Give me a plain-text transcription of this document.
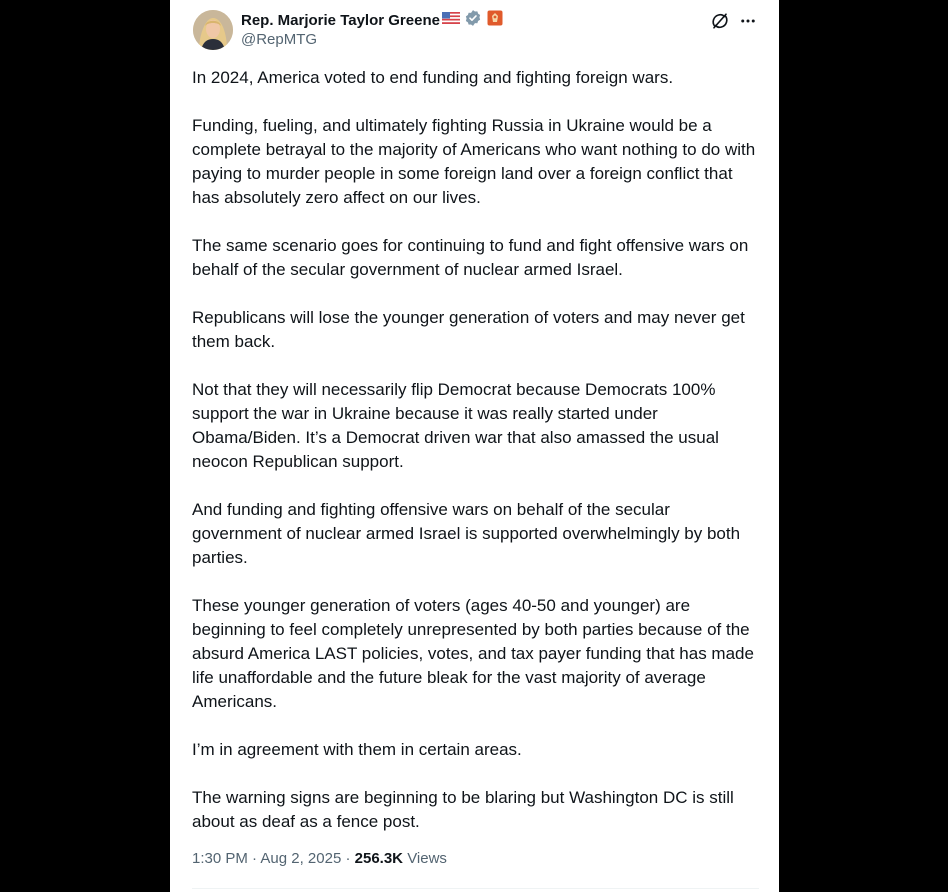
Rep. Marjorie Taylor Greene
@RepMTG

In 2024, America voted to end funding and fighting foreign wars.

Funding, fueling, and ultimately fighting Russia in Ukraine would be a complete betrayal to the majority of Americans who want nothing to do with paying to murder people in some foreign land over a foreign conflict that has absolutely zero affect on our lives.

The same scenario goes for continuing to fund and fight offensive wars on behalf of the secular government of nuclear armed Israel.

Republicans will lose the younger generation of voters and may never get them back.

Not that they will necessarily flip Democrat because Democrats 100% support the war in Ukraine because it was really started under Obama/Biden. It’s a Democrat driven war that also amassed the usual neocon Republican support.

And funding and fighting offensive wars on behalf of the secular government of nuclear armed Israel is supported overwhelmingly by both parties.

These younger generation of voters (ages 40-50 and younger) are beginning to feel completely unrepresented by both parties because of the absurd America LAST policies, votes, and tax payer funding that has made life unaffordable and the future bleak for the vast majority of average Americans.

I’m in agreement with them in certain areas.

The warning signs are beginning to be blaring but Washington DC is still about as deaf as a fence post.

1:30 PM · Aug 2, 2025 · 256.3K Views
